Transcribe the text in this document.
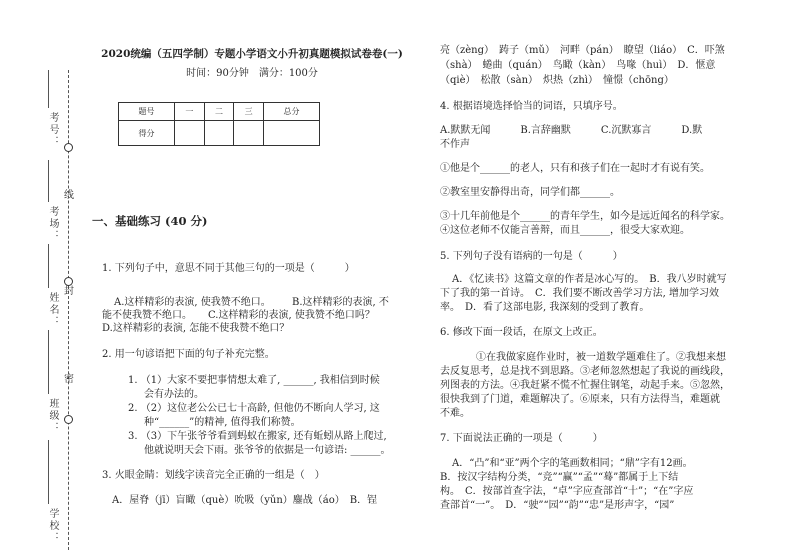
考号：
考场：
姓名：
班级：
学校：
线
封
密
2020统编（五四学制）专题小学语文小升初真题模拟试卷卷(一)
时间：90分钟　满分：100分
题号	一	二	三	总分
得分				
一、基础练习 (40 分)
1. 下列句子中，意思不同于其他三句的一项是（　　　）
A.这样精彩的表演, 使我赞不绝口。 B.这样精彩的表演, 不
能不使我赞不绝口。 C.这样精彩的表演, 使我赞不绝口吗？
D.这样精彩的表演, 怎能不使我赞不绝口？
2. 用一句谚语把下面的句子补充完整。
1. （1）大家不要把事情想太难了, ______, 我相信到时候
会有办法的。
2. （2）这位老公公已七十高龄, 但他仍不断向人学习, 这
种“______”的精神, 值得我们称赞。
3. （3）下午张爷爷看到蚂蚁在搬家, 还有蚯蚓从路上爬过,
他就说明天会下雨。张爷爷的依据是一句谚语: ______。
3. 火眼金睛：划线字读音完全正确的一组是（　）
A．屋脊（jī）盲瞰（què）吮吸（yǔn）鏖战（áo）　B．锃
亮（zèng）　踌子（mǔ）　河畔（pán）　瞭望（liáo）　C．吓煞
（shà）　蜷曲（quán）　鸟瞰（kàn）　鸟喙（huì）　D．惬意
（qiè）　松散（sàn）　炽热（zhì）　憧憬（chōng）
4. 根据语境选择恰当的词语，只填序号。
A.默默无闻　　　B.言辞幽默　　　C.沉默寡言　　　D.默
不作声
①他是个______的老人，只有和孩子们在一起时才有说有笑。
②教室里安静得出奇，同学们都______。
③十几年前他是个______的青年学生，如今是远近闻名的科学家。
④这位老师不仅能言善辩，而且______，很受大家欢迎。
5. 下列句子没有语病的一句是（　　　）
A．《忆读书》这篇文章的作者是冰心写的。　B．我八岁时就写
下了我的第一首诗。　C．我们要不断改善学习方法, 增加学习效
率。　D．看了这部电影, 我深刻的受到了教育。
6. 修改下面一段话，在原文上改正。
①在我做家庭作业时，被一道数学题难住了。②我想来想
去反复思考，总是找不到思路。③老师忽然想起了我说的画线段，
列图表的方法。④我赶紧不慌不忙握住钢笔，动起手来。⑤忽然，
很快我到了门道，难题解决了。⑥原来，只有方法得当，难题就
不难。
7. 下面说法正确的一项是（　　　）
A．“凸”和“亚”两个字的笔画数相同；“鼎”字有12画。
B．按汉字结构分类，“竞”“赢”“孟”“蓦”都属于上下结
构。　C．按部首查字法，“卓”字应查部首“十”；“在”字应
查部首“一”。　D．“驶”“园”“韵”“忠”是形声字，“园”
